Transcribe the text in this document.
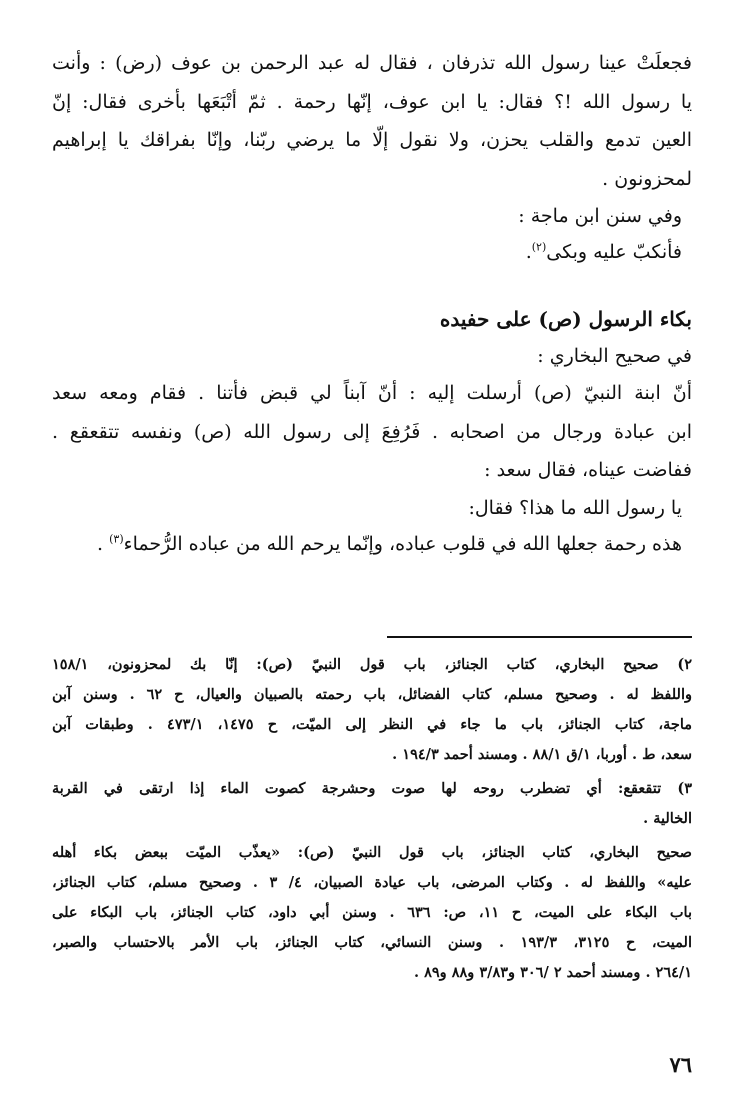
فجعلَتْ عينا رسول الله تذرفان ، فقال له عبد الرحمن بن عوف (رض) : وأنت

يا رسول الله !؟ فقال: يا ابن عوف، إنّها رحمة . ثمّ أتْبَعَها بأخرى فقال: إنّ

العين تدمع والقلب يحزن، ولا نقول إلّا ما يرضي ربّنا، وإنّا بفراقك يا إبراهيم

لمحزونون .

وفي سنن ابن ماجة :

فأنكبّ عليه وبكى$^{(٢)}$.

بكاء الرسول (ص) على حفيده

في صحيح البخاري :

أنّ ابنة النبيّ (ص) أرسلت إليه : أنّ آبناً لي قبض فأتنا . فقام ومعه سعد

ابن عبادة ورجال من اصحابه . فَرُفِعَ إلى رسول الله (ص) ونفسه تتقعقع .

ففاضت عيناه، فقال سعد :

يا رسول الله ما هذا؟ فقال:

هذه رحمة جعلها الله في قلوب عباده، وإنّما يرحم الله من عباده الرُّحماء$^{(٣)}$ .

٢) صحيح البخاري، كتاب الجنائز، باب قول النبيّ (ص): إنّا بك لمحزونون، ١٥٨/١
واللفظ له . وصحيح مسلم، كتاب الفضائل، باب رحمته بالصبيان والعيال، ح ٦٢ . وسنن آبن
ماجة، كتاب الجنائز، باب ما جاء في النظر إلى الميّت، ح ١٤٧٥، ٤٧٣/١ . وطبقات آبن
سعد، ط . أوربا، ١/ق ٨٨/١ . ومسند أحمد ١٩٤/٣ .

٣) تتقعقع: أي تضطرب روحه لها صوت وحشرجة كصوت الماء إذا ارتقى في القربة
الخالية .

صحيح البخاري، كتاب الجنائز، باب قول النبيّ (ص): «يعذّب الميّت ببعض بكاء أهله
عليه» واللفظ له . وكتاب المرضى، باب عيادة الصبيان، ٤/ ٣ . وصحيح مسلم، كتاب الجنائز،
باب البكاء على الميت، ح ١١، ص: ٦٣٦ . وسنن أبي داود، كتاب الجنائز، باب البكاء على
الميت، ح ٣١٢٥، ١٩٣/٣ . وسنن النسائي، كتاب الجنائز، باب الأمر بالاحتساب والصبر،
٢٦٤/١ . ومسند أحمد ٢ /٣٠٦ و٣/٨٣ و٨٨ و٨٩ .

٧٦
